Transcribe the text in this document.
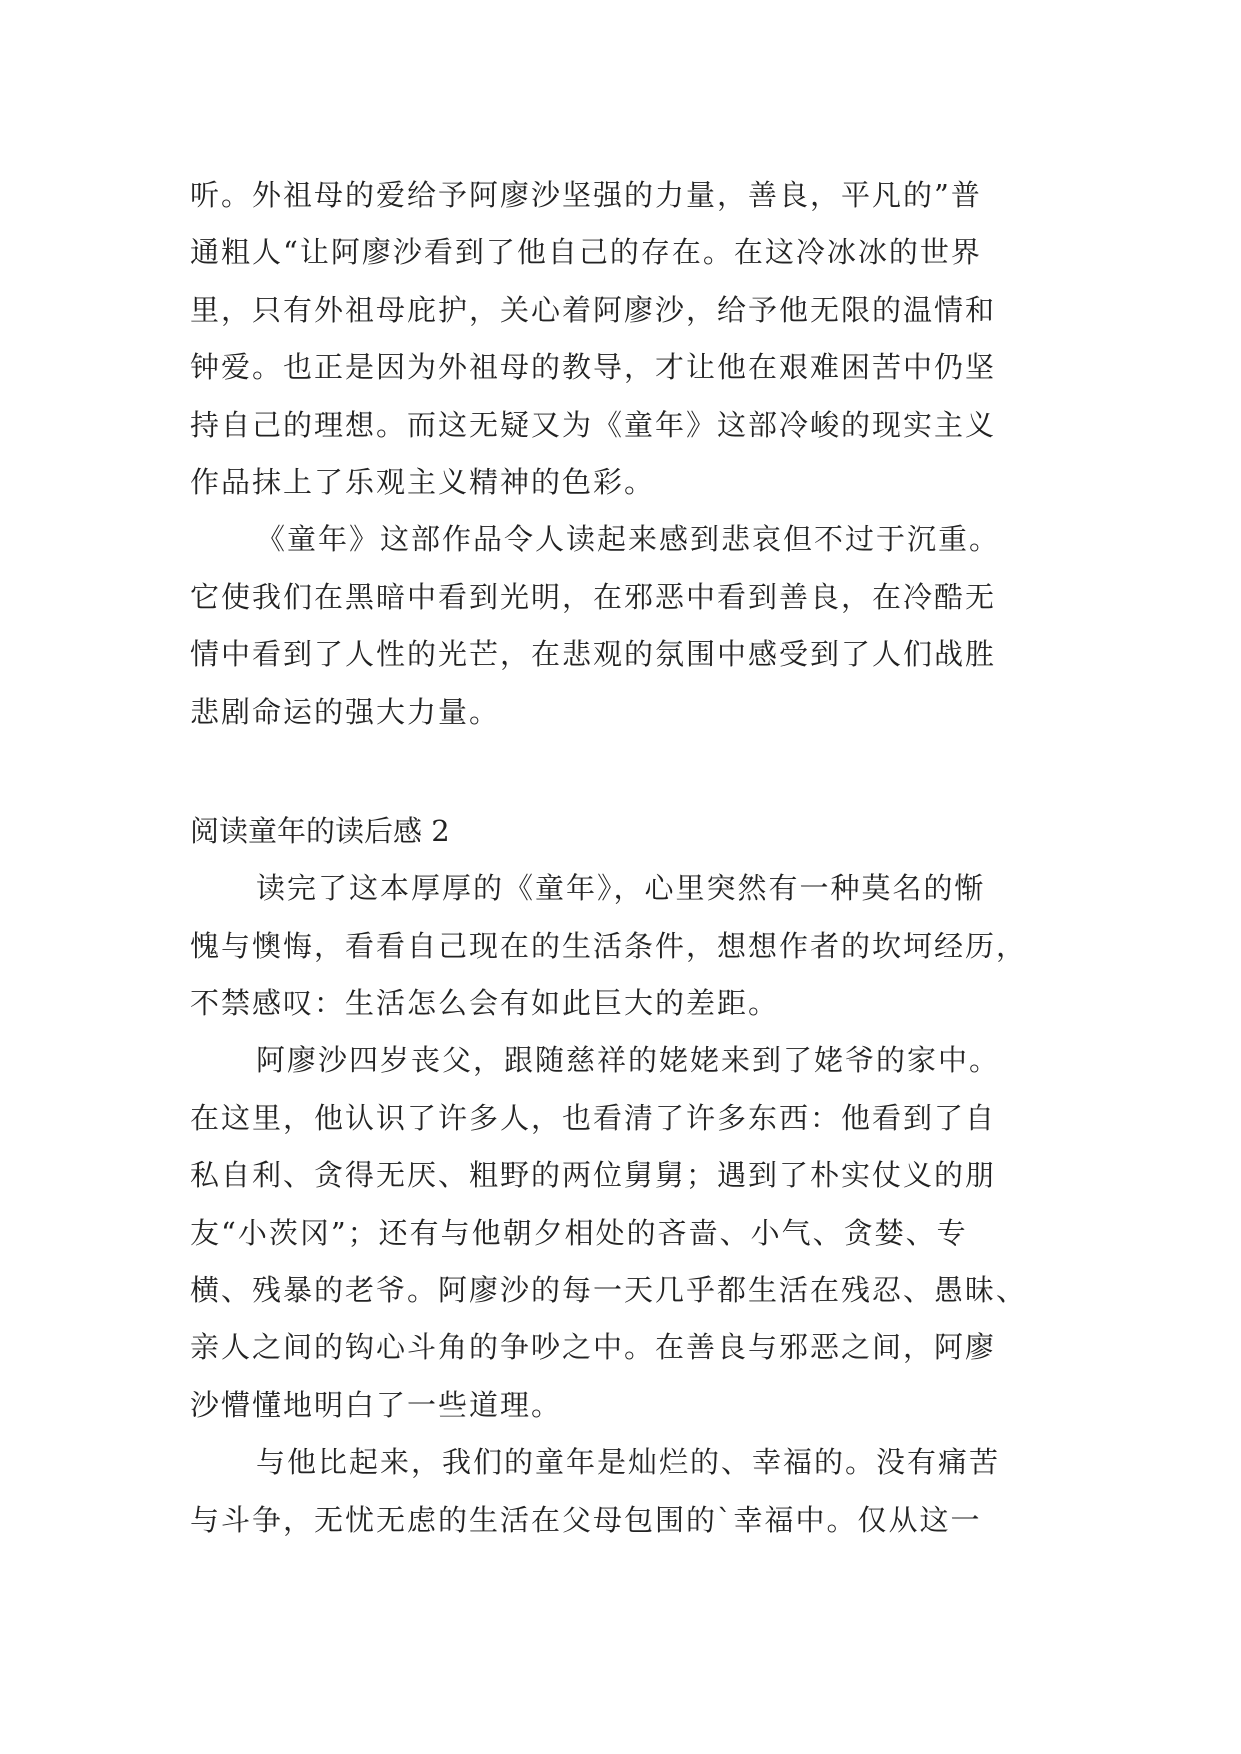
听。外祖母的爱给予阿廖沙坚强的力量，善良，平凡的”普
通粗人“让阿廖沙看到了他自己的存在。在这冷冰冰的世界
里，只有外祖母庇护，关心着阿廖沙，给予他无限的温情和
钟爱。也正是因为外祖母的教导，才让他在艰难困苦中仍坚
持自己的理想。而这无疑又为《童年》这部冷峻的现实主义
作品抹上了乐观主义精神的色彩。
《童年》这部作品令人读起来感到悲哀但不过于沉重。
它使我们在黑暗中看到光明，在邪恶中看到善良，在冷酷无
情中看到了人性的光芒，在悲观的氛围中感受到了人们战胜
悲剧命运的强大力量。
阅读童年的读后感 2
读完了这本厚厚的《童年》，心里突然有一种莫名的惭
愧与懊悔，看看自己现在的生活条件，想想作者的坎坷经历，
不禁感叹：生活怎么会有如此巨大的差距。
阿廖沙四岁丧父，跟随慈祥的姥姥来到了姥爷的家中。
在这里，他认识了许多人，也看清了许多东西：他看到了自
私自利、贪得无厌、粗野的两位舅舅；遇到了朴实仗义的朋
友“小茨冈”；还有与他朝夕相处的吝啬、小气、贪婪、专
横、残暴的老爷。阿廖沙的每一天几乎都生活在残忍、愚昧、
亲人之间的钩心斗角的争吵之中。在善良与邪恶之间，阿廖
沙懵懂地明白了一些道理。
与他比起来，我们的童年是灿烂的、幸福的。没有痛苦
与斗争，无忧无虑的生活在父母包围的`幸福中。仅从这一
